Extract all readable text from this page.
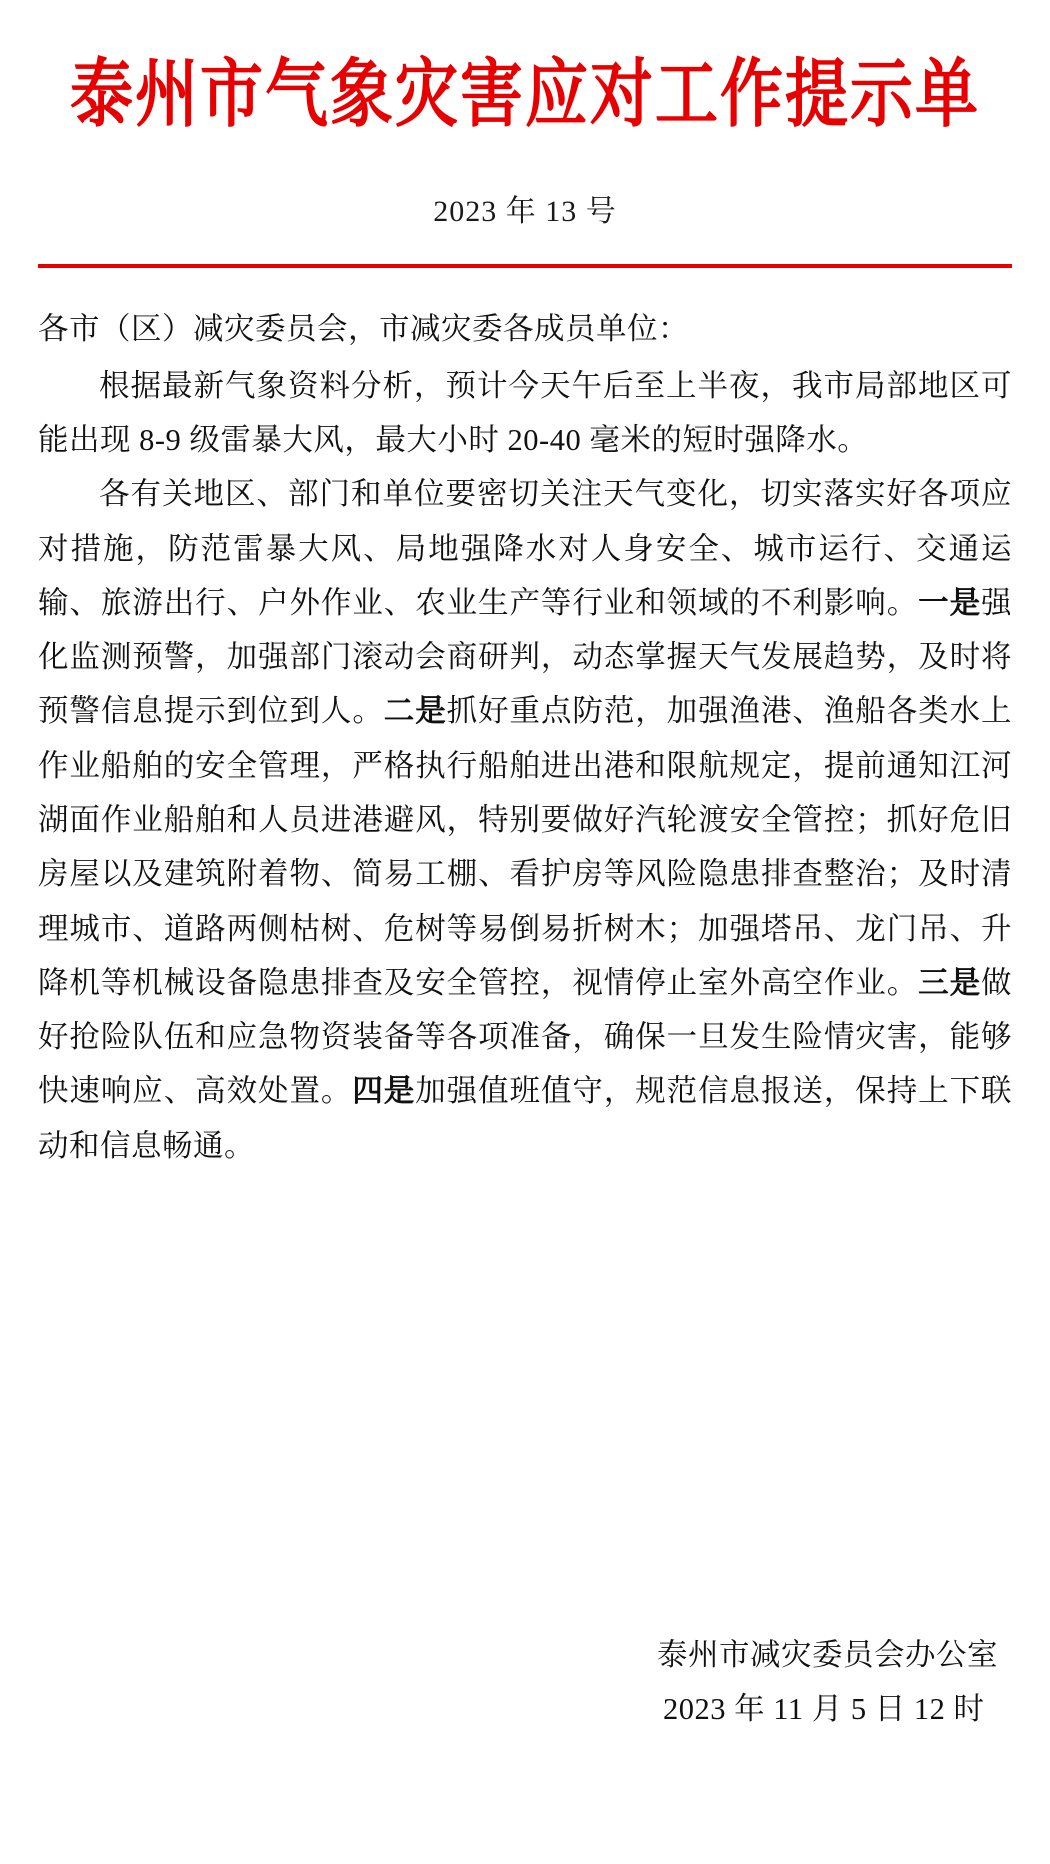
泰州市气象灾害应对工作提示单
2023 年 13 号

各市（区）减灾委员会，市减灾委各成员单位：

根据最新气象资料分析，预计今天午后至上半夜，我市局部地区可能出现 8-9 级雷暴大风，最大小时 20-40 毫米的短时强降水。

各有关地区、部门和单位要密切关注天气变化，切实落实好各项应对措施，防范雷暴大风、局地强降水对人身安全、城市运行、交通运输、旅游出行、户外作业、农业生产等行业和领域的不利影响。一是强化监测预警，加强部门滚动会商研判，动态掌握天气发展趋势，及时将预警信息提示到位到人。二是抓好重点防范，加强渔港、渔船各类水上作业船舶的安全管理，严格执行船舶进出港和限航规定，提前通知江河湖面作业船舶和人员进港避风，特别要做好汽轮渡安全管控；抓好危旧房屋以及建筑附着物、简易工棚、看护房等风险隐患排查整治；及时清理城市、道路两侧枯树、危树等易倒易折树木；加强塔吊、龙门吊、升降机等机械设备隐患排查及安全管控，视情停止室外高空作业。三是做好抢险队伍和应急物资装备等各项准备，确保一旦发生险情灾害，能够快速响应、高效处置。四是加强值班值守，规范信息报送，保持上下联动和信息畅通。

泰州市减灾委员会办公室
2023 年 11 月 5 日 12 时
